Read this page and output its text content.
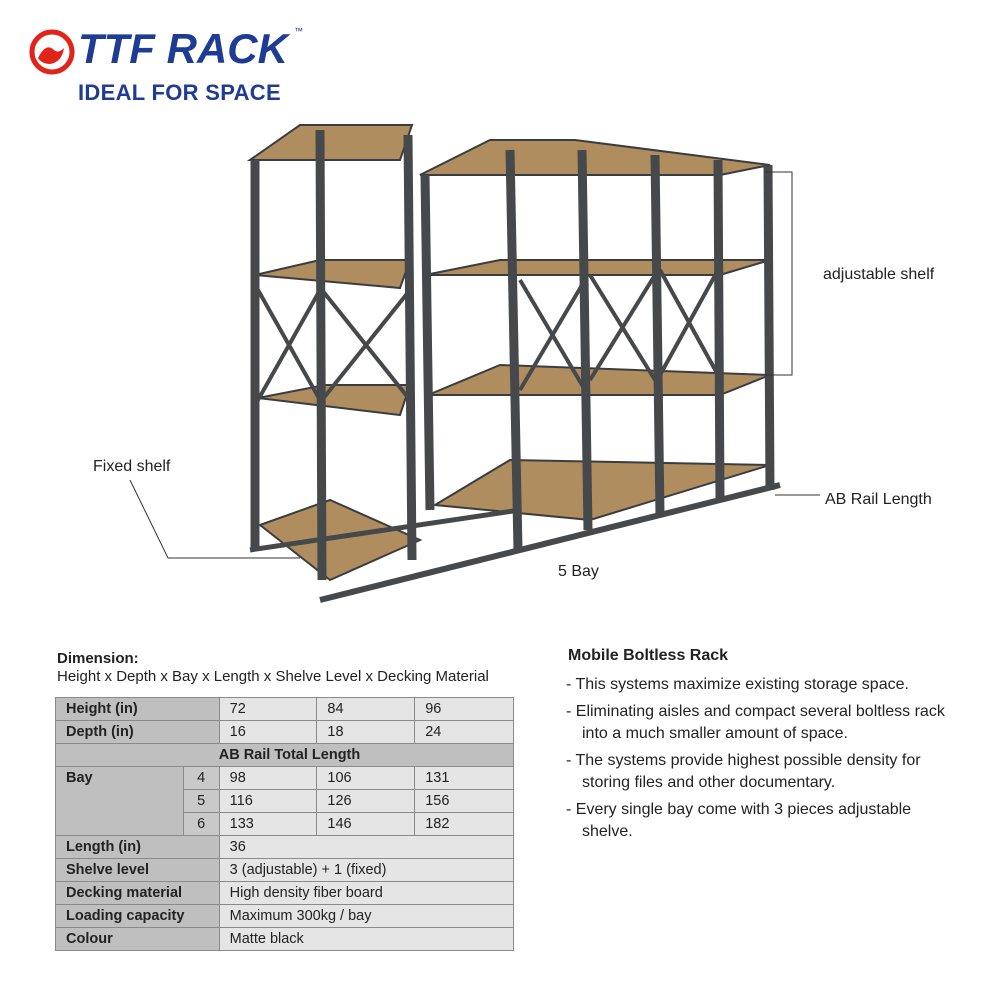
TTF RACK ™
IDEAL FOR SPACE
adjustable shelf
Fixed shelf
AB Rail Length
5 Bay
Dimension:
Height x Depth x Bay x Length x Shelve Level x Decking Material
Height (in)		72	84	96
Depth (in)		16	18	24
AB Rail Total Length				
Bay	4	98	106	131
	5	116	126	156
	6	133	146	182
Length (in)		36		
Shelve level		3 (adjustable) + 1 (fixed)		
Decking material		High density fiber board		
Loading capacity		Maximum 300kg / bay		
Colour		Matte black		
Mobile Boltless Rack
- This systems maximize existing storage space.
- Eliminating aisles and compact several boltless rack into a much smaller amount of space.
- The systems provide highest possible density for storing files and other documentary.
- Every single bay come with 3 pieces adjustable shelve.
